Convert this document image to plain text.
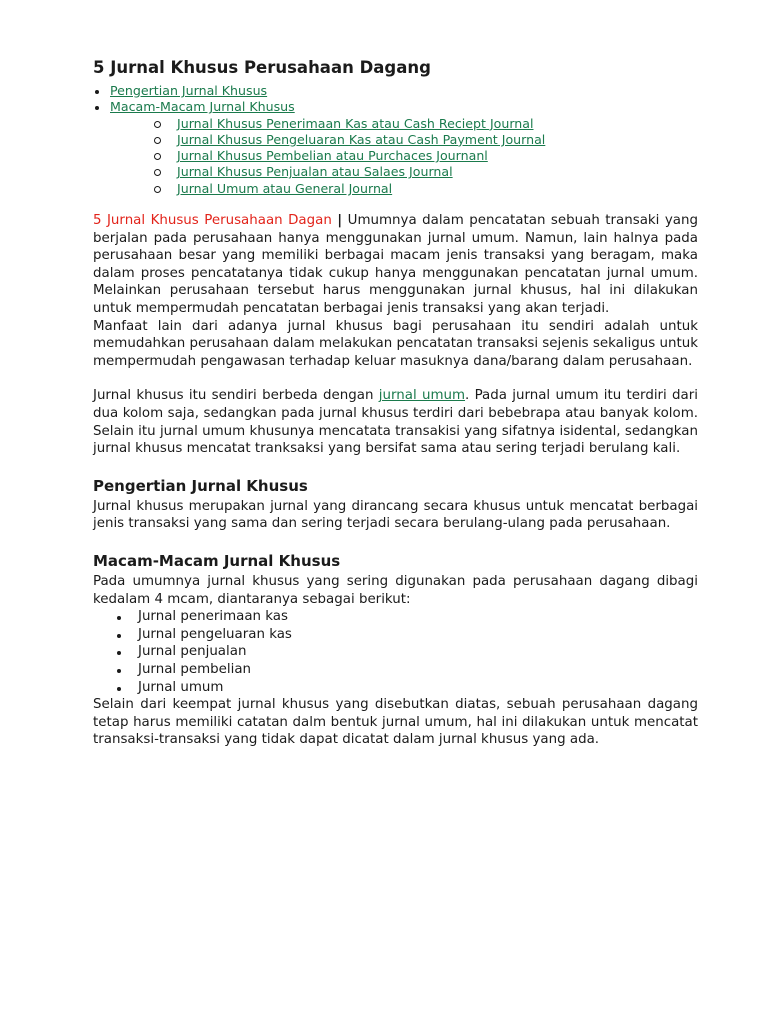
5 Jurnal Khusus Perusahaan Dagang
Pengertian Jurnal Khusus
Macam-Macam Jurnal Khusus
Jurnal Khusus Penerimaan Kas atau Cash Reciept Journal
Jurnal Khusus Pengeluaran Kas atau Cash Payment Journal
Jurnal Khusus Pembelian atau Purchaces Journanl
Jurnal Khusus Penjualan atau Salaes Journal
Jurnal Umum atau General Journal

5 Jurnal Khusus Perusahaan Dagan | Umumnya dalam pencatatan sebuah transaki yang berjalan pada perusahaan hanya menggunakan jurnal umum. Namun, lain halnya pada perusahaan besar yang memiliki berbagai macam jenis transaksi yang beragam, maka dalam proses pencatatanya tidak cukup hanya menggunakan pencatatan jurnal umum. Melainkan perusahaan tersebut harus menggunakan jurnal khusus, hal ini dilakukan untuk mempermudah pencatatan berbagai jenis transaksi yang akan terjadi.

Manfaat lain dari adanya jurnal khusus bagi perusahaan itu sendiri adalah untuk memudahkan perusahaan dalam melakukan pencatatan transaksi sejenis sekaligus untuk mempermudah pengawasan terhadap keluar masuknya dana/barang dalam perusahaan.

Jurnal khusus itu sendiri berbeda dengan jurnal umum. Pada jurnal umum itu terdiri dari dua kolom saja, sedangkan pada jurnal khusus terdiri dari bebebrapa atau banyak kolom. Selain itu jurnal umum khusunya mencatata transakisi yang sifatnya isidental, sedangkan jurnal khusus mencatat tranksaksi yang bersifat sama atau sering terjadi berulang kali.

Pengertian Jurnal Khusus

Jurnal khusus merupakan jurnal yang dirancang secara khusus untuk mencatat berbagai jenis transaksi yang sama dan sering terjadi secara berulang-ulang pada perusahaan.

Macam-Macam Jurnal Khusus

Pada umumnya jurnal khusus yang sering digunakan pada perusahaan dagang dibagi kedalam 4 mcam, diantaranya sebagai berikut:

Jurnal penerimaan kas
Jurnal pengeluaran kas
Jurnal penjualan
Jurnal pembelian
Jurnal umum

Selain dari keempat jurnal khusus yang disebutkan diatas, sebuah perusahaan dagang tetap harus memiliki catatan dalm bentuk jurnal umum, hal ini dilakukan untuk mencatat transaksi-transaksi yang tidak dapat dicatat dalam jurnal khusus yang ada.
